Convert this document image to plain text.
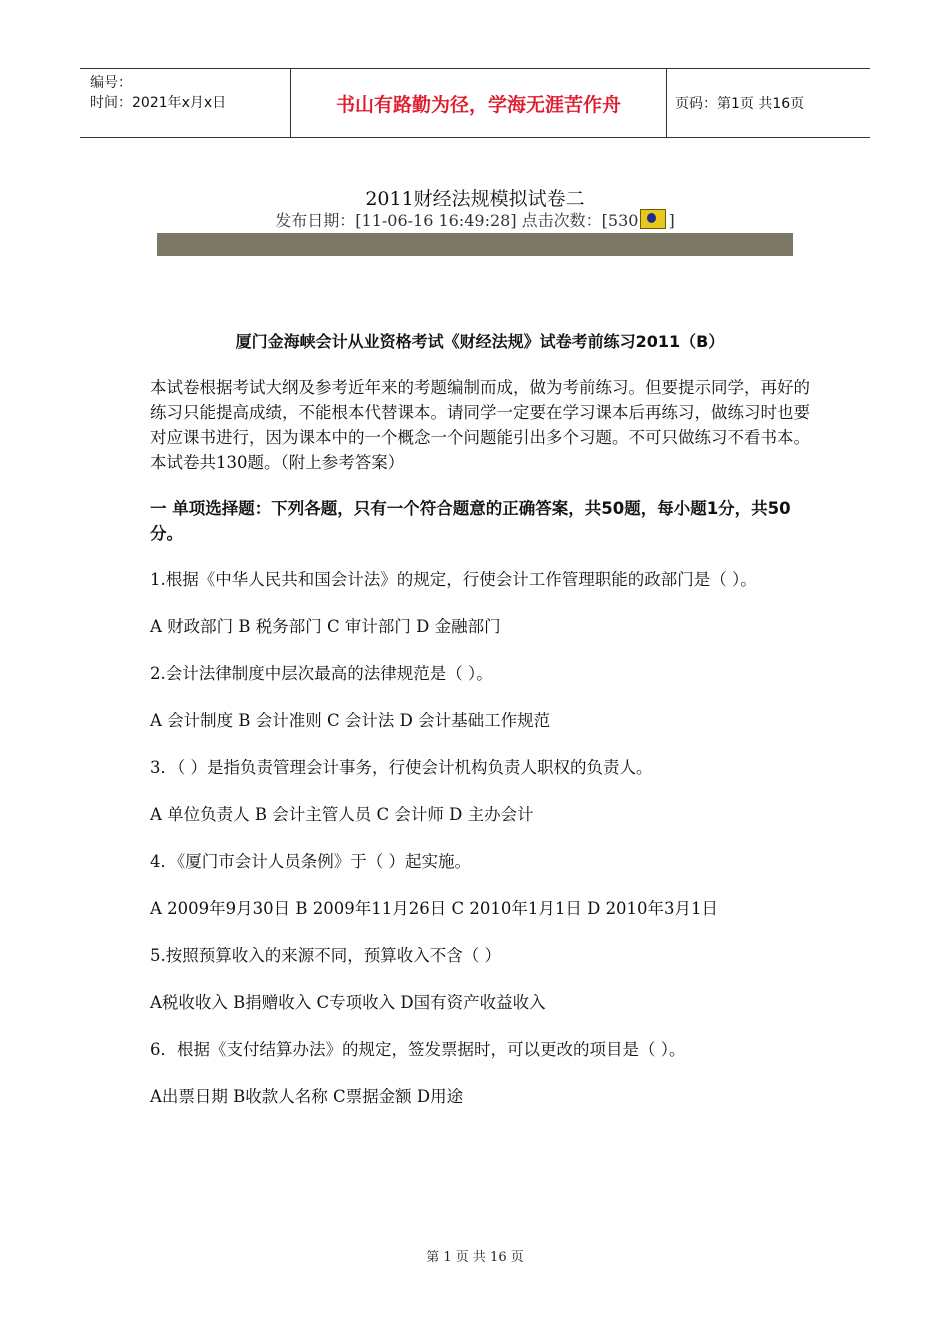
编号：
时间：2021年x月x日	书山有路勤为径，学海无涯苦作舟	页码：第1页 共16页
2011财经法规模拟试卷二
发布日期：[11-06-16 16:49:28] 点击次数：[530 ]

厦门金海峡会计从业资格考试《财经法规》试卷考前练习2011（B）

本试卷根据考试大纲及参考近年来的考题编制而成，做为考前练习。但要提示同学，再好的练习只能提高成绩，不能根本代替课本。请同学一定要在学习课本后再练习，做练习时也要对应课书进行，因为课本中的一个概念一个问题能引出多个习题。不可只做练习不看书本。本试卷共130题。（附上参考答案）

一 单项选择题：下列各题，只有一个符合题意的正确答案，共50题，每小题1分，共50分。

1.根据《中华人民共和国会计法》的规定，行使会计工作管理职能的政部门是（ ）。

A 财政部门 B 税务部门 C 审计部门 D 金融部门

2.会计法律制度中层次最高的法律规范是（ ）。

A 会计制度 B 会计准则 C 会计法 D 会计基础工作规范

3．（ ）是指负责管理会计事务，行使会计机构负责人职权的负责人。

A 单位负责人 B 会计主管人员 C 会计师 D 主办会计

4．《厦门市会计人员条例》于（ ）起实施。

A 2009年9月30日 B 2009年11月26日 C 2010年1月1日 D 2010年3月1日

5.按照预算收入的来源不同，预算收入不含（ ）

A税收收入 B捐赠收入 C专项收入 D国有资产收益收入

6．根据《支付结算办法》的规定，签发票据时，可以更改的项目是（ ）。

A出票日期 B收款人名称 C票据金额 D用途

第 1 页 共 16 页
